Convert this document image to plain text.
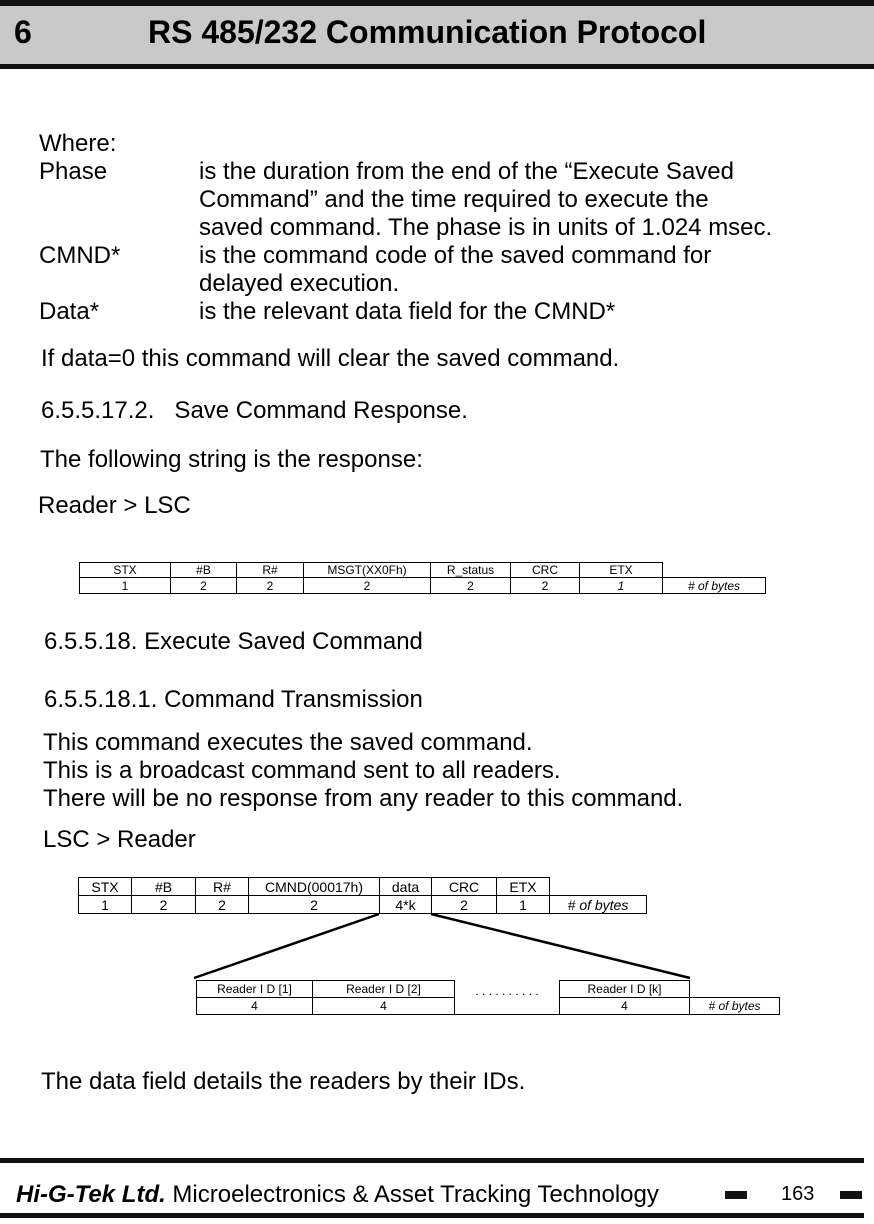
6	RS 485/232 Communication Protocol
Where:
Phase	is the duration from the end of the “Execute Saved
Command” and the time required to execute the
saved command. The phase is in units of 1.024 msec.
CMND*	is the command code of the saved command for
delayed execution.
Data*	is the relevant data field for the CMND*
If data=0 this command will clear the saved command.
6.5.5.17.2.   Save Command Response.
The following string is the response:
Reader > LSC
STX	#B	R#	MSGT(XX0Fh)	R_status	CRC	ETX	
1	2	2	2	2	2	1	# of bytes
6.5.5.18. Execute Saved Command
6.5.5.18.1. Command Transmission
This command executes the saved command.
This is a broadcast command sent to all readers.
There will be no response from any reader to this command.
LSC > Reader
STX	#B	R#	CMND(00017h)	data	CRC	ETX	
1	2	2	2	4*k	2	1	# of bytes
Reader I D [1]	Reader I D [2]	. . . . . . . . . .	Reader I D [k]	
4	4		4	# of bytes
The data field details the readers by their IDs.
Hi-G-Tek Ltd. Microelectronics & Asset Tracking Technology	163
